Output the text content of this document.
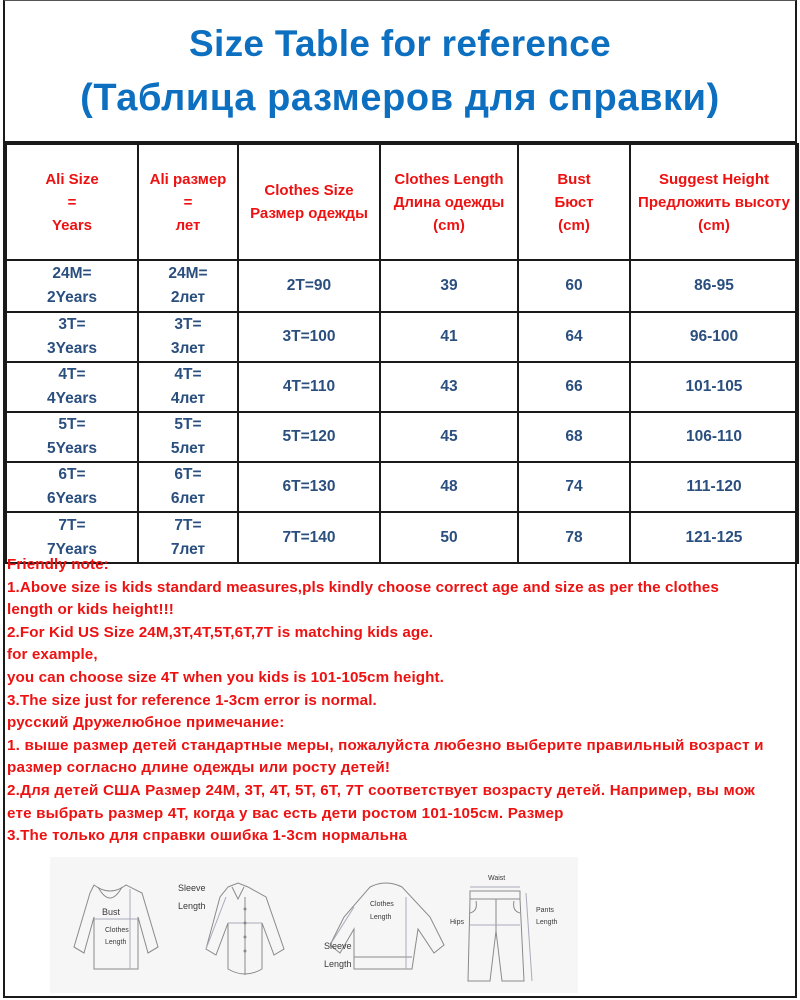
Size Table for reference
(Таблица размеров для справки)
Ali Size
=
Years	Ali размер
=
лет	Clothes Size
Размер одежды	Clothes Length
Длина одежды
(cm)	Bust
Бюст
(cm)	Suggest Height
Предложить высоту
(cm)

24M=
2Years	24M=
2лет	2T=90	39	60	86-95

3T=
3Years	3T=
3лет	3T=100	41	64	96-100

4T=
4Years	4T=
4лет	4T=110	43	66	101-105

5T=
5Years	5T=
5лет	5T=120	45	68	106-110

6T=
6Years	6T=
6лет	6T=130	48	74	111-120

7T=
7Years	7T=
7лет	7T=140	50	78	121-125
Friendly note:
1.Above size is kids standard measures,pls kindly choose correct age and size as per the clothes
length or kids height!!!
2.For Kid US Size 24M,3T,4T,5T,6T,7T is matching kids age.
for example,
you can choose size 4T when you kids is 101-105cm height.
3.The size just for reference 1-3cm error is normal.
русский Дружелюбное примечание:
1. выше размер детей стандартные меры, пожалуйста любезно выберите правильный возраст и
размер согласно длине одежды или росту детей!
2.Для детей США Размер 24M, 3T, 4T, 5T, 6T, 7T соответствует возрасту детей. Например, вы мож
ете выбрать размер 4T, когда у вас есть дети ростом 101-105см. Размер
3.The только для справки ошибка 1-3cm нормальна
Bust
Clothes
Length
Sleeve
Length	Clothes
Length
Sleeve
Length
Waist
Hips
Pants
Length
